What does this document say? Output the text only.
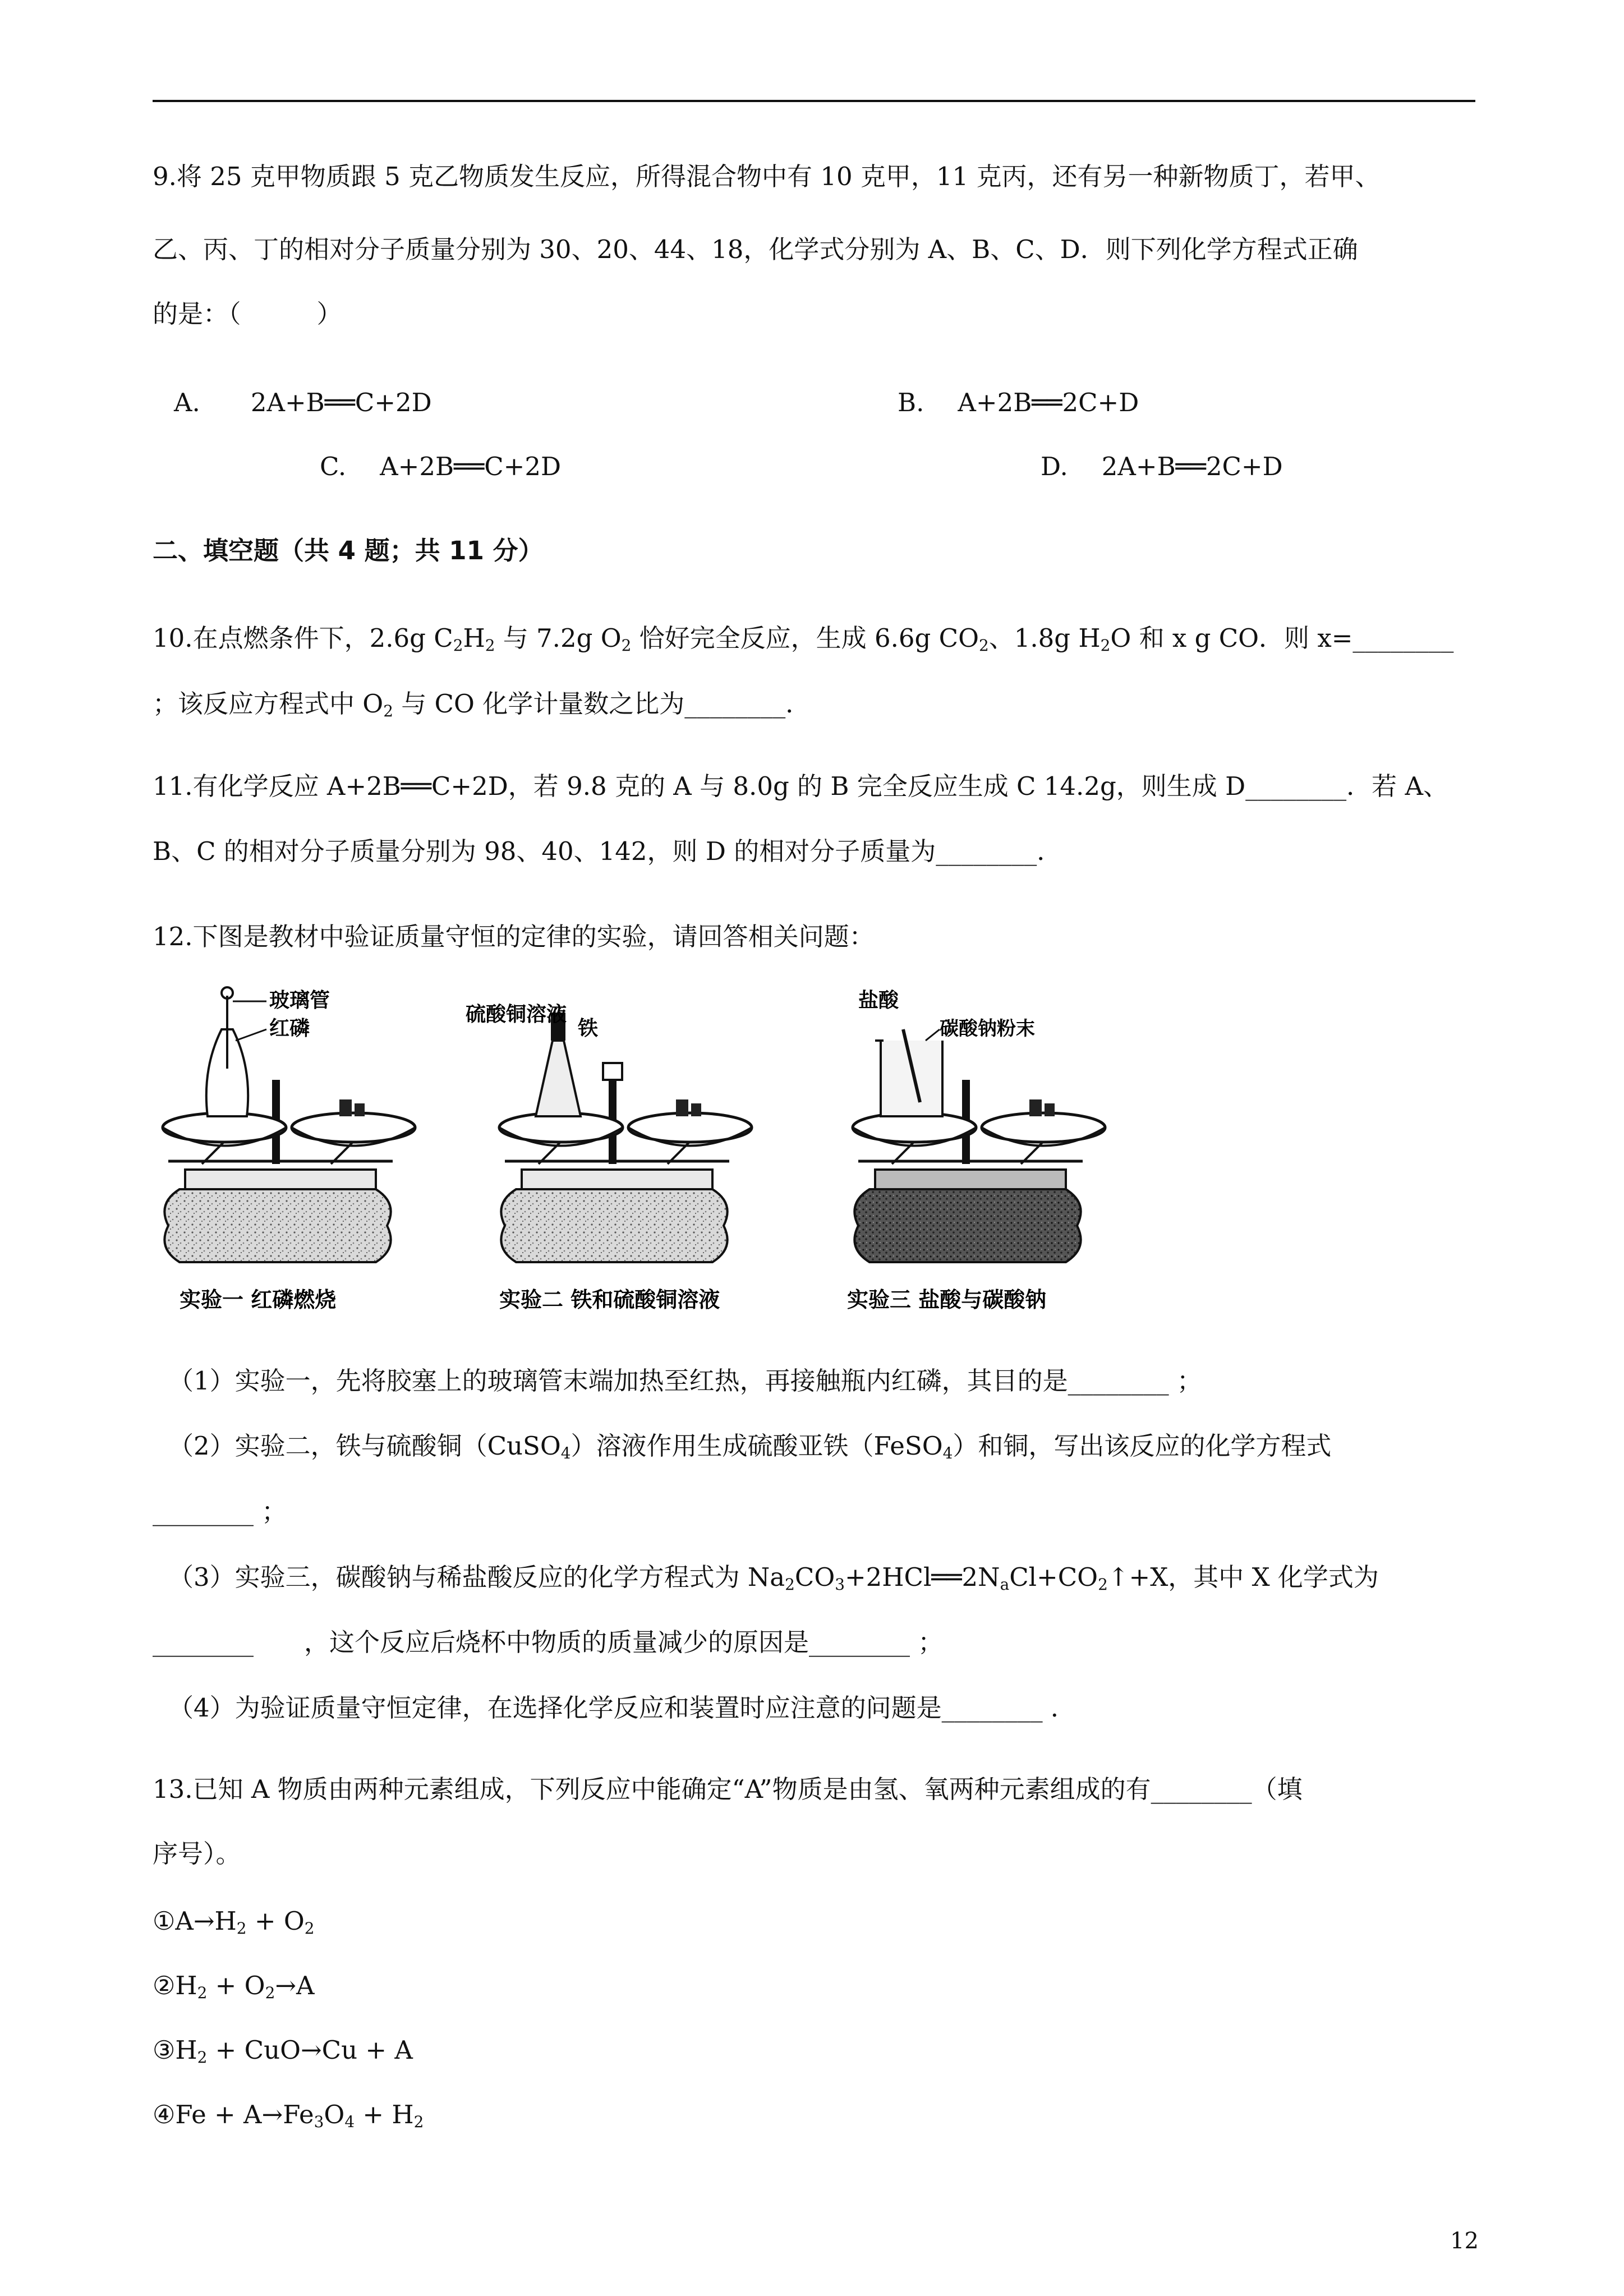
9.将 25 克甲物质跟 5 克乙物质发生反应，所得混合物中有 10 克甲，11 克丙，还有另一种新物质丁，若甲、
乙、丙、丁的相对分子质量分别为 30、20、44、18，化学式分别为 A、B、C、D．则下列化学方程式正确
的是：（　　　）
A. 2A+B══C+2D	B. A+2B══2C+D
C. A+2B══C+2D	D. 2A+B══2C+D
二、填空题（共 4 题；共 11 分）
10.在点燃条件下，2.6g $C_2H_2$ 与 7.2g $O_2$ 恰好完全反应，生成 6.6g $CO_2$、1.8g $H_2O$ 和 x g CO．则 x=________
；该反应方程式中 $O_2$ 与 CO 化学计量数之比为________．
11.有化学反应 A+2B══C+2D，若 9.8 克的 A 与 8.0g 的 B 完全反应生成 C 14.2g，则生成 D________．若 A、
B、C 的相对分子质量分别为 98、40、142，则 D 的相对分子质量为________．
12.下图是教材中验证质量守恒的定律的实验，请回答相关问题：
玻璃管
红磷
实验一 红磷燃烧
硫酸铜溶液
铁
实验二 铁和硫酸铜溶液
盐酸
碳酸钠粉末
实验三 盐酸与碳酸钠
（1）实验一，先将胶塞上的玻璃管末端加热至红热，再接触瓶内红磷，其目的是________ ；
（2）实验二，铁与硫酸铜（CuSO$_4$）溶液作用生成硫酸亚铁（FeSO$_4$）和铜，写出该反应的化学方程式
________ ；
（3）实验三，碳酸钠与稀盐酸反应的化学方程式为 $Na_2CO_3+2HCl══2N_aCl+CO_2↑+X$，其中 X 化学式为
________　　，这个反应后烧杯中物质的质量减少的原因是________ ；
（4）为验证质量守恒定律，在选择化学反应和装置时应注意的问题是________ ．
13.已知 A 物质由两种元素组成，下列反应中能确定“A”物质是由氢、氧两种元素组成的有________（填
序号）。
$①A\to H_2 + O_2$
$②H_2 + O_2\to A$
$③H_2 + CuO\to Cu + A$
④Fe + $A\to Fe_3O_4 + H_2$
12
